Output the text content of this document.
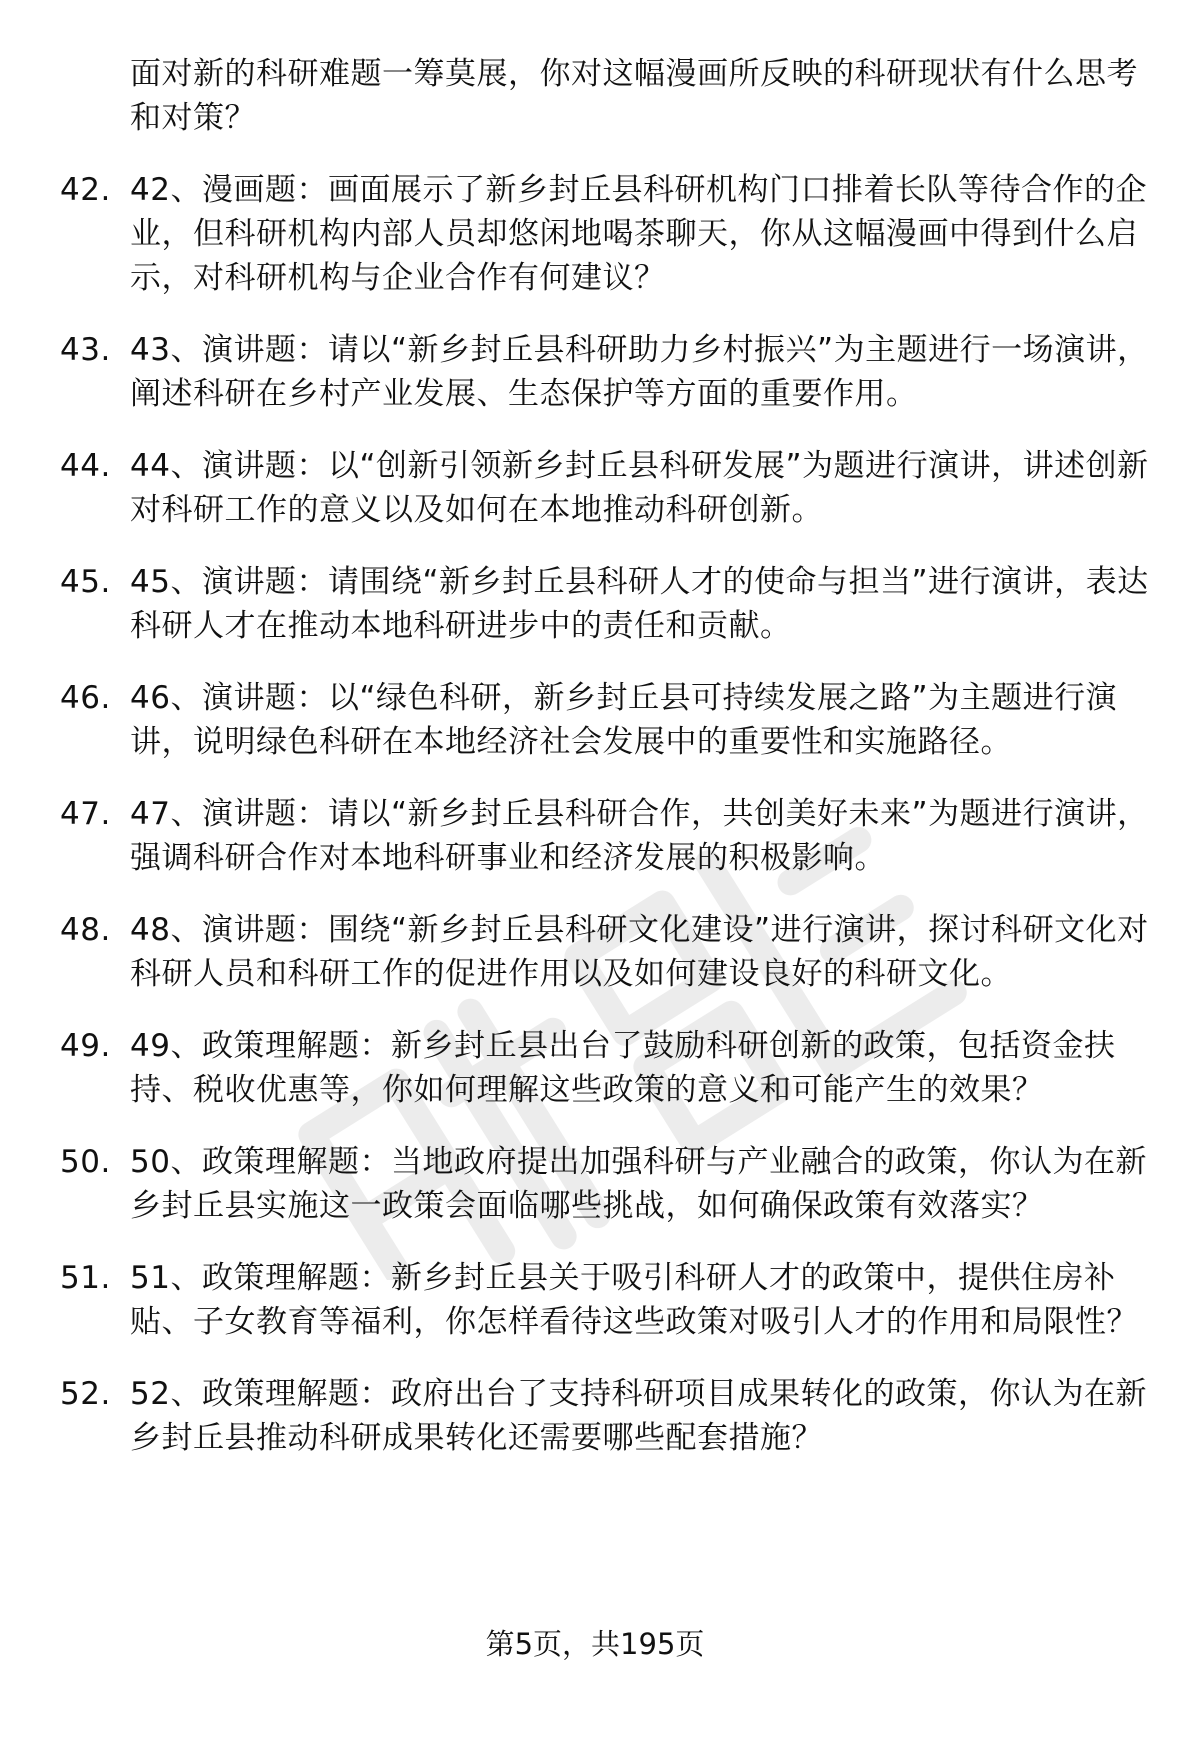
面对新的科研难题一筹莫展，你对这幅漫画所反映的科研现状有什么思考和对策？

42. 42、漫画题：画面展示了新乡封丘县科研机构门口排着长队等待合作的企业，但科研机构内部人员却悠闲地喝茶聊天，你从这幅漫画中得到什么启示，对科研机构与企业合作有何建议？
43. 43、演讲题：请以“新乡封丘县科研助力乡村振兴”为主题进行一场演讲，阐述科研在乡村产业发展、生态保护等方面的重要作用。
44. 44、演讲题：以“创新引领新乡封丘县科研发展”为题进行演讲，讲述创新对科研工作的意义以及如何在本地推动科研创新。
45. 45、演讲题：请围绕“新乡封丘县科研人才的使命与担当”进行演讲，表达科研人才在推动本地科研进步中的责任和贡献。
46. 46、演讲题：以“绿色科研，新乡封丘县可持续发展之路”为主题进行演讲，说明绿色科研在本地经济社会发展中的重要性和实施路径。
47. 47、演讲题：请以“新乡封丘县科研合作，共创美好未来”为题进行演讲，强调科研合作对本地科研事业和经济发展的积极影响。
48. 48、演讲题：围绕“新乡封丘县科研文化建设”进行演讲，探讨科研文化对科研人员和科研工作的促进作用以及如何建设良好的科研文化。
49. 49、政策理解题：新乡封丘县出台了鼓励科研创新的政策，包括资金扶持、税收优惠等，你如何理解这些政策的意义和可能产生的效果？
50. 50、政策理解题：当地政府提出加强科研与产业融合的政策，你认为在新乡封丘县实施这一政策会面临哪些挑战，如何确保政策有效落实？
51. 51、政策理解题：新乡封丘县关于吸引科研人才的政策中，提供住房补贴、子女教育等福利，你怎样看待这些政策对吸引人才的作用和局限性？
52. 52、政策理解题：政府出台了支持科研项目成果转化的政策，你认为在新乡封丘县推动科研成果转化还需要哪些配套措施？
第5页，共195页
